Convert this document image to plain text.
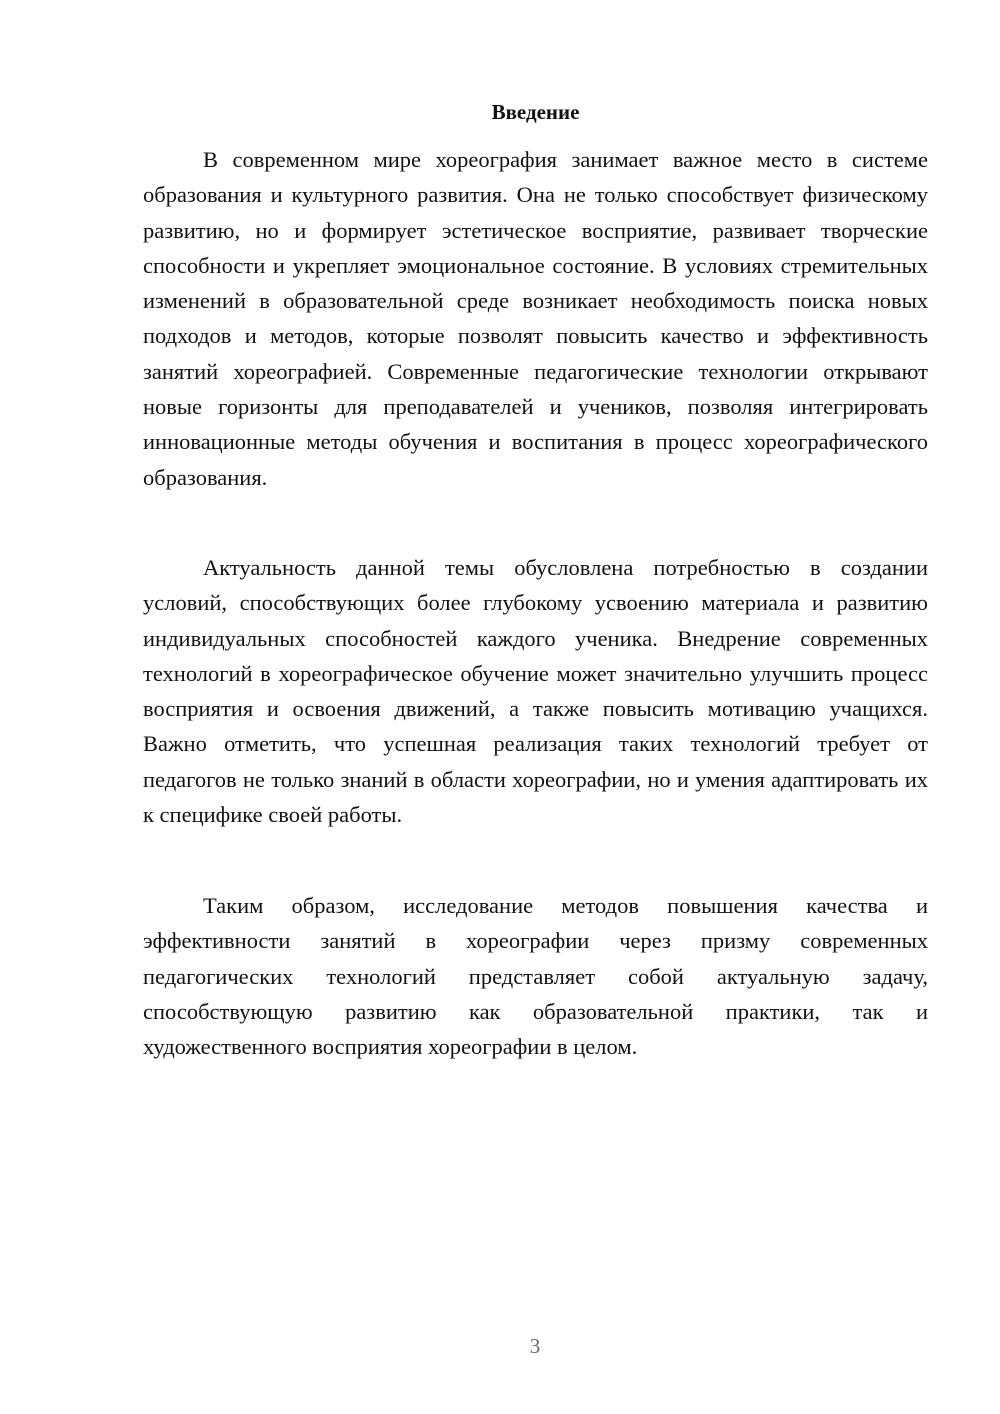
Введение

В современном мире хореография занимает важное место в системе образования и культурного развития. Она не только способствует физическому развитию, но и формирует эстетическое восприятие, развивает творческие способности и укрепляет эмоциональное состояние. В условиях стремительных изменений в образовательной среде возникает необходимость поиска новых подходов и методов, которые позволят повысить качество и эффективность занятий хореографией. Современные педагогические технологии открывают новые горизонты для преподавателей и учеников, позволяя интегрировать инновационные методы обучения и воспитания в процесс хореографического образования.

Актуальность данной темы обусловлена потребностью в создании условий, способствующих более глубокому усвоению материала и развитию индивидуальных способностей каждого ученика. Внедрение современных технологий в хореографическое обучение может значительно улучшить процесс восприятия и освоения движений, а также повысить мотивацию учащихся. Важно отметить, что успешная реализация таких технологий требует от педагогов не только знаний в области хореографии, но и умения адаптировать их к специфике своей работы.

Таким образом, исследование методов повышения качества и эффективности занятий в хореографии через призму современных педагогических технологий представляет собой актуальную задачу, способствующую развитию как образовательной практики, так и художественного восприятия хореографии в целом.

3
